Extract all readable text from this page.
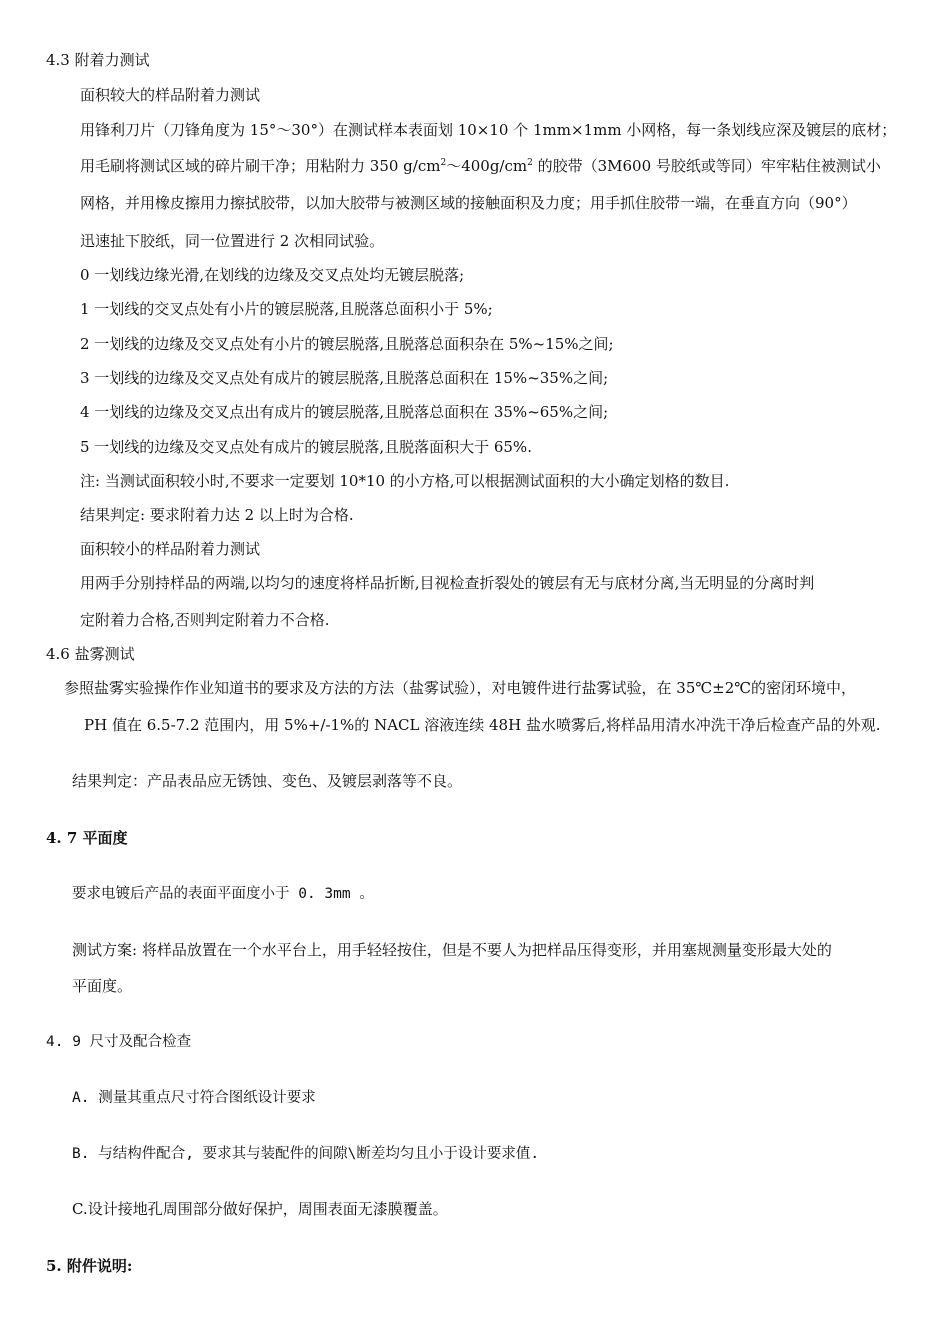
4.3 附着力测试
面积较大的样品附着力测试
用锋利刀片（刀锋角度为 15°～30°）在测试样本表面划 10×10 个 1mm×1mm 小网格，每一条划线应深及镀层的底材；
用毛刷将测试区域的碎片刷干净；用粘附力 350 $g/cm^2\sim 400g/cm^2$ 的胶带（3M600 号胶纸或等同）牢牢粘住被测试小
网格，并用橡皮擦用力擦拭胶带，以加大胶带与被测区域的接触面积及力度；用手抓住胶带一端，在垂直方向（90°）
迅速扯下胶纸，同一位置进行 2 次相同试验。
0 一划线边缘光滑,在划线的边缘及交叉点处均无镀层脱落;
1 一划线的交叉点处有小片的镀层脱落,且脱落总面积小于 5%;
2 一划线的边缘及交叉点处有小片的镀层脱落,且脱落总面积杂在 5%~15%之间;
3 一划线的边缘及交叉点处有成片的镀层脱落,且脱落总面积在 15%~35%之间;
4 一划线的边缘及交叉点出有成片的镀层脱落,且脱落总面积在 35%~65%之间;
5 一划线的边缘及交叉点处有成片的镀层脱落,且脱落面积大于 65%.
注: 当测试面积较小时,不要求一定要划 10*10 的小方格,可以根据测试面积的大小确定划格的数目.
结果判定: 要求附着力达 2 以上时为合格.
面积较小的样品附着力测试
用两手分别持样品的两端,以均匀的速度将样品折断,目视检查折裂处的镀层有无与底材分离,当无明显的分离时判
定附着力合格,否则判定附着力不合格.
4.6 盐雾测试
参照盐雾实验操作作业知道书的要求及方法的方法（盐雾试验），对电镀件进行盐雾试验，在 35℃±2℃的密闭环境中，
PH 值在 6.5-7.2 范围内，用 5%+/-1%的 NACL 溶液连续 48H 盐水喷雾后,将样品用清水冲洗干净后检查产品的外观.
结果判定：产品表品应无锈蚀、变色、及镀层剥落等不良。
4. 7 平面度
要求电镀后产品的表面平面度小于 0. 3mm 。
测试方案: 将样品放置在一个水平台上，用手轻轻按住，但是不要人为把样品压得变形，并用塞规测量变形最大处的
平面度。
4. 9 尺寸及配合检查
A. 测量其重点尺寸符合图纸设计要求
B. 与结构件配合, 要求其与装配件的间隙\断差均匀且小于设计要求值.
C.设计接地孔周围部分做好保护，周围表面无漆膜覆盖。
5. 附件说明:
